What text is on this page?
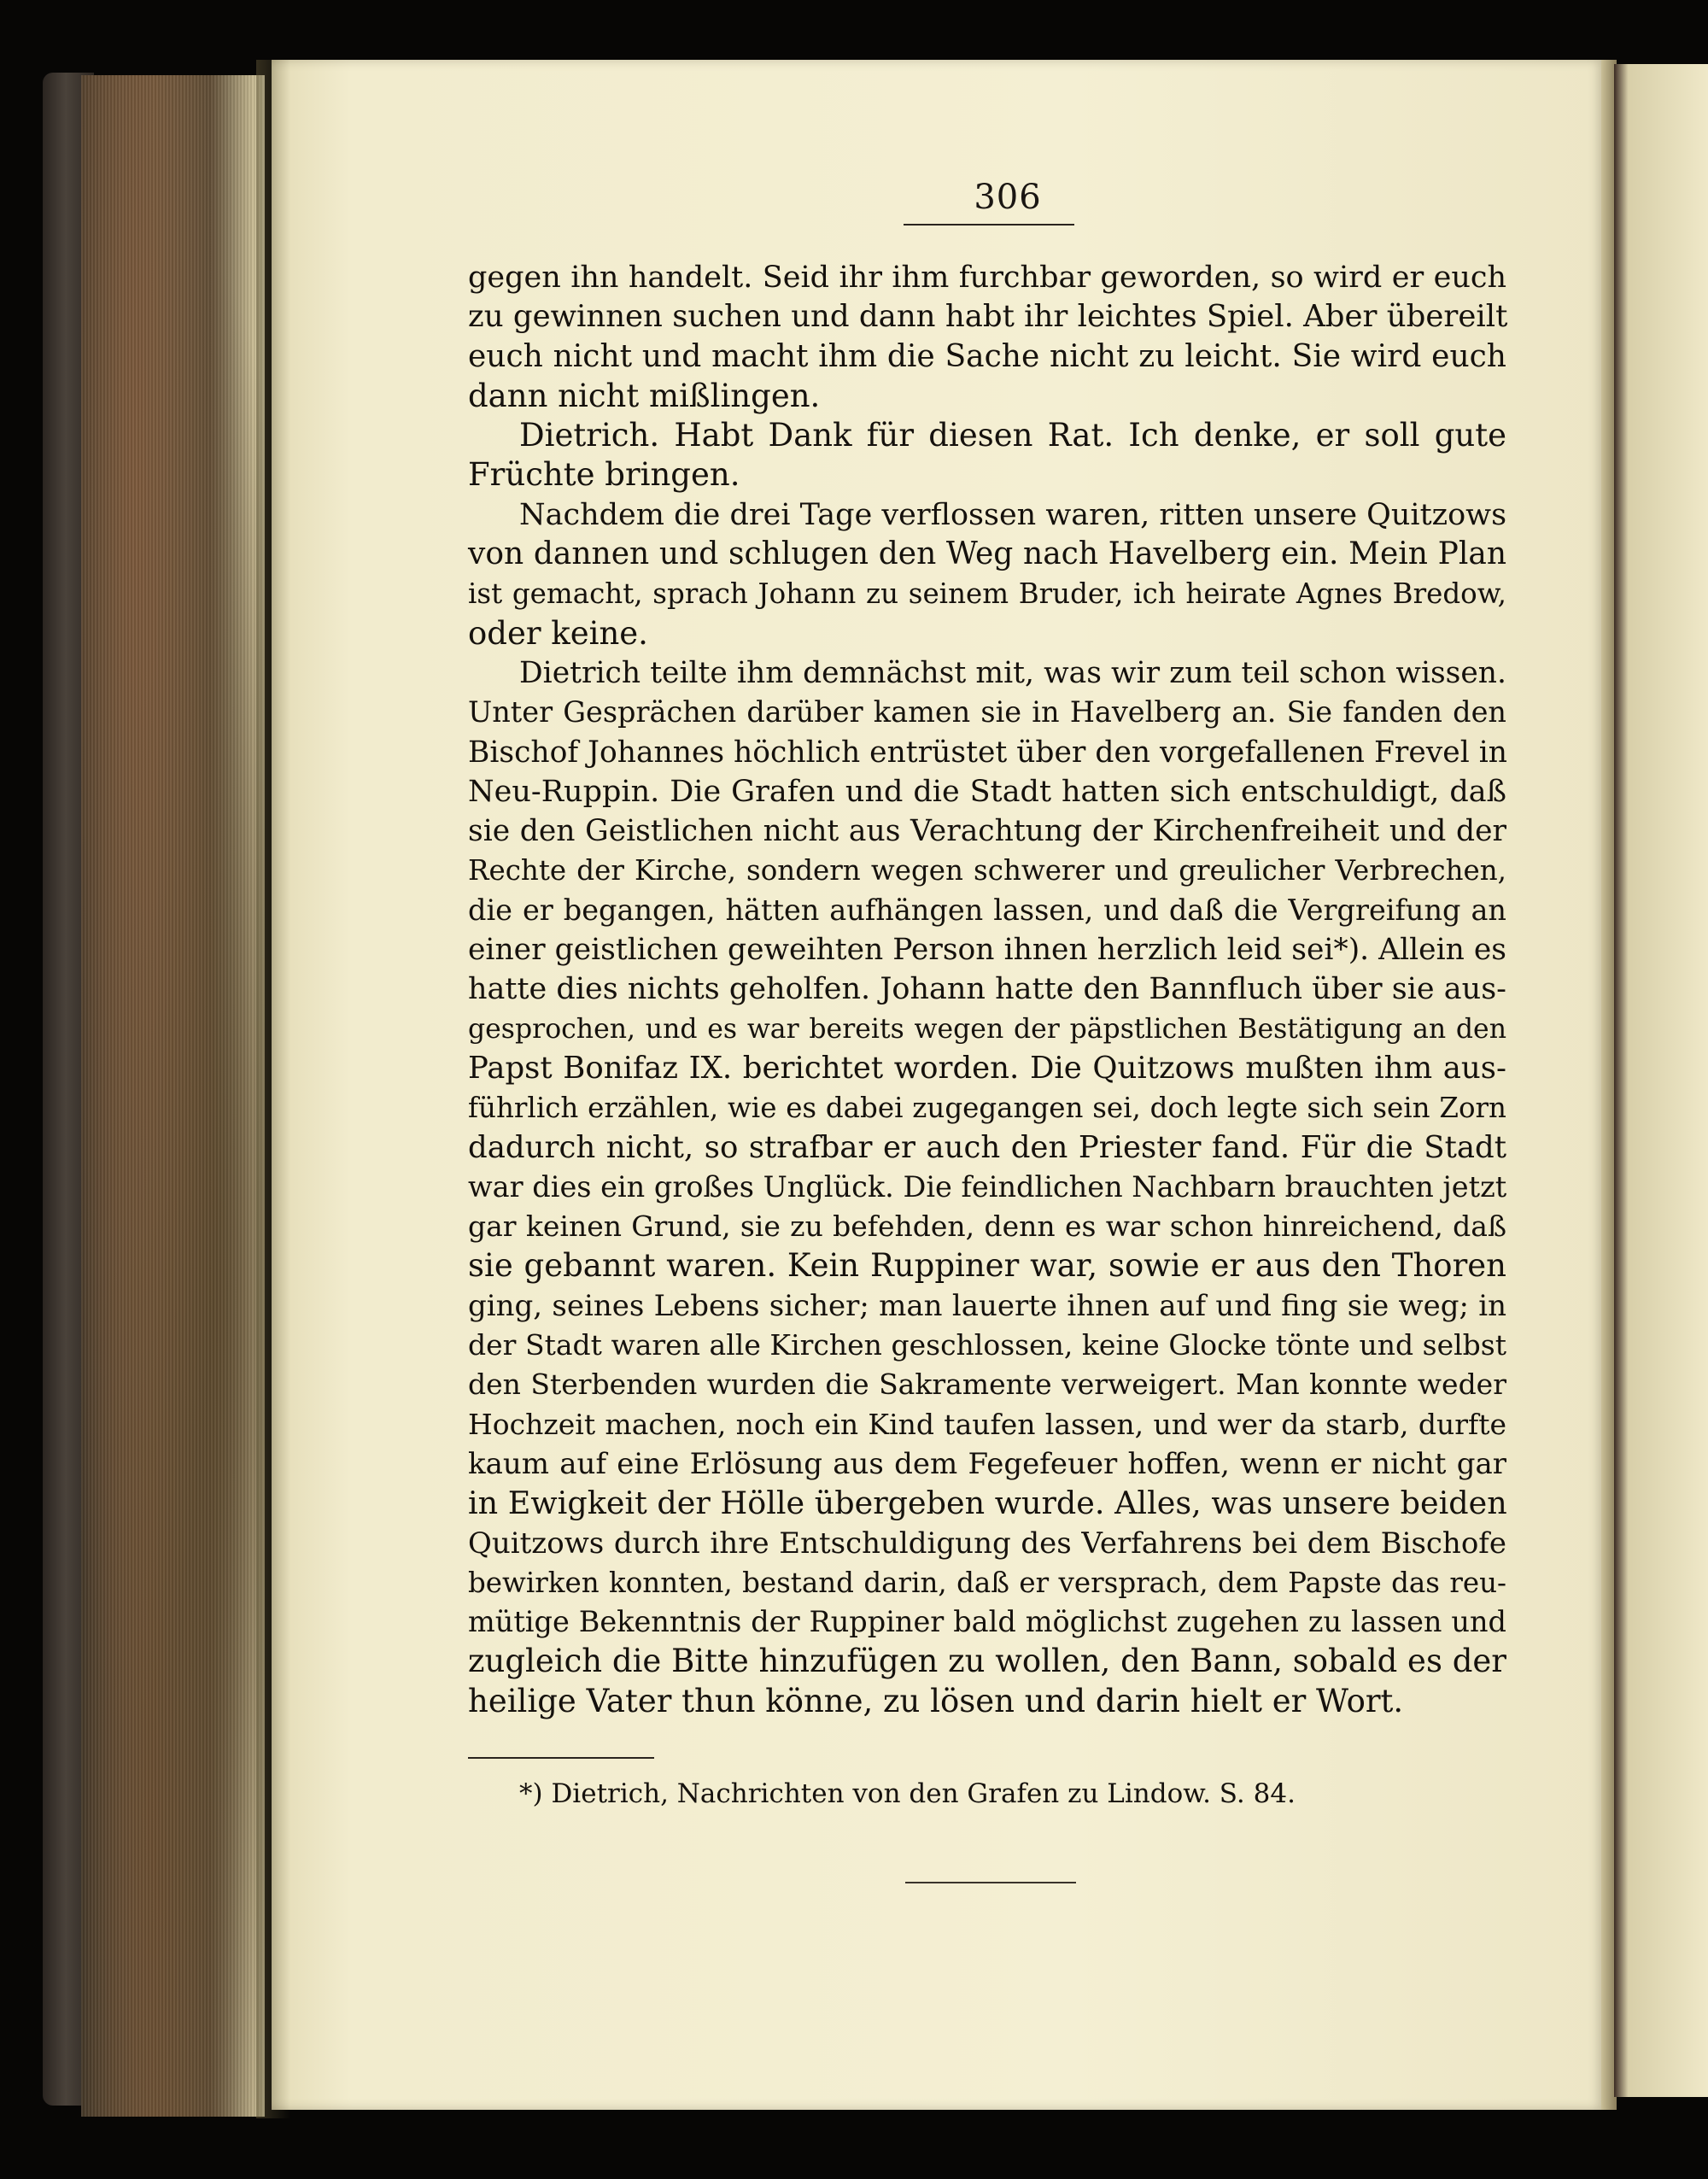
306
gegen ihn handelt. Seid ihr ihm furchbar geworden, so wird er euch
zu gewinnen suchen und dann habt ihr leichtes Spiel. Aber übereilt
euch nicht und macht ihm die Sache nicht zu leicht. Sie wird euch
dann nicht mißlingen.
Dietrich. Habt Dank für diesen Rat. Ich denke, er soll gute
Früchte bringen.
Nachdem die drei Tage verflossen waren, ritten unsere Quitzows
von dannen und schlugen den Weg nach Havelberg ein. Mein Plan
ist gemacht, sprach Johann zu seinem Bruder, ich heirate Agnes Bredow,
oder keine.
Dietrich teilte ihm demnächst mit, was wir zum teil schon wissen.
Unter Gesprächen darüber kamen sie in Havelberg an. Sie fanden den
Bischof Johannes höchlich entrüstet über den vorgefallenen Frevel in
Neu-Ruppin. Die Grafen und die Stadt hatten sich entschuldigt, daß
sie den Geistlichen nicht aus Verachtung der Kirchenfreiheit und der
Rechte der Kirche, sondern wegen schwerer und greulicher Verbrechen,
die er begangen, hätten aufhängen lassen, und daß die Vergreifung an
einer geistlichen geweihten Person ihnen herzlich leid sei*). Allein es
hatte dies nichts geholfen. Johann hatte den Bannfluch über sie aus-
gesprochen, und es war bereits wegen der päpstlichen Bestätigung an den
Papst Bonifaz IX. berichtet worden. Die Quitzows mußten ihm aus-
führlich erzählen, wie es dabei zugegangen sei, doch legte sich sein Zorn
dadurch nicht, so strafbar er auch den Priester fand. Für die Stadt
war dies ein großes Unglück. Die feindlichen Nachbarn brauchten jetzt
gar keinen Grund, sie zu befehden, denn es war schon hinreichend, daß
sie gebannt waren. Kein Ruppiner war, sowie er aus den Thoren
ging, seines Lebens sicher; man lauerte ihnen auf und fing sie weg; in
der Stadt waren alle Kirchen geschlossen, keine Glocke tönte und selbst
den Sterbenden wurden die Sakramente verweigert. Man konnte weder
Hochzeit machen, noch ein Kind taufen lassen, und wer da starb, durfte
kaum auf eine Erlösung aus dem Fegefeuer hoffen, wenn er nicht gar
in Ewigkeit der Hölle übergeben wurde. Alles, was unsere beiden
Quitzows durch ihre Entschuldigung des Verfahrens bei dem Bischofe
bewirken konnten, bestand darin, daß er versprach, dem Papste das reu-
mütige Bekenntnis der Ruppiner bald möglichst zugehen zu lassen und
zugleich die Bitte hinzufügen zu wollen, den Bann, sobald es der
heilige Vater thun könne, zu lösen und darin hielt er Wort.
*) Dietrich, Nachrichten von den Grafen zu Lindow. S. 84.
